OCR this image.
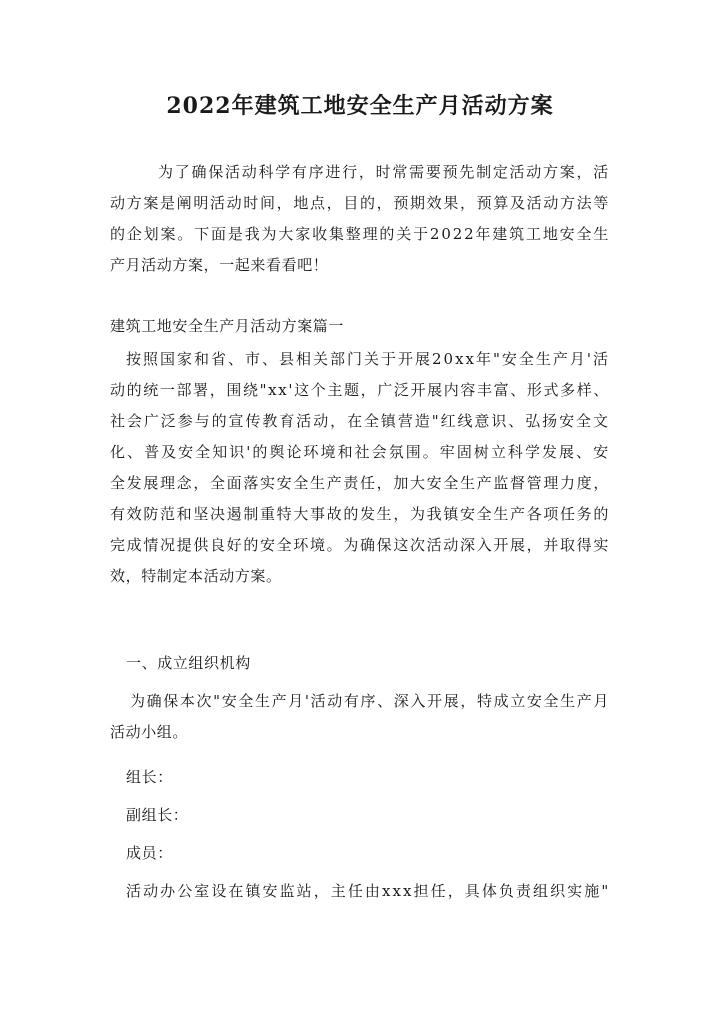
2022年建筑工地安全生产月活动方案
为了确保活动科学有序进行，时常需要预先制定活动方案，活
动方案是阐明活动时间，地点，目的，预期效果，预算及活动方法等
的企划案。下面是我为大家收集整理的关于2022年建筑工地安全生
产月活动方案，一起来看看吧！
建筑工地安全生产月活动方案篇一
按照国家和省、市、县相关部门关于开展20xx年"安全生产月'活
动的统一部署，围绕"xx'这个主题，广泛开展内容丰富、形式多样、
社会广泛参与的宣传教育活动，在全镇营造"红线意识、弘扬安全文
化、普及安全知识'的舆论环境和社会氛围。牢固树立科学发展、安
全发展理念，全面落实安全生产责任，加大安全生产监督管理力度，
有效防范和坚决遏制重特大事故的发生，为我镇安全生产各项任务的
完成情况提供良好的安全环境。为确保这次活动深入开展，并取得实
效，特制定本活动方案。
一、成立组织机构
为确保本次"安全生产月'活动有序、深入开展，特成立安全生产月
活动小组。
组长：
副组长：
成员：
活动办公室设在镇安监站，主任由xxx担任，具体负责组织实施"
